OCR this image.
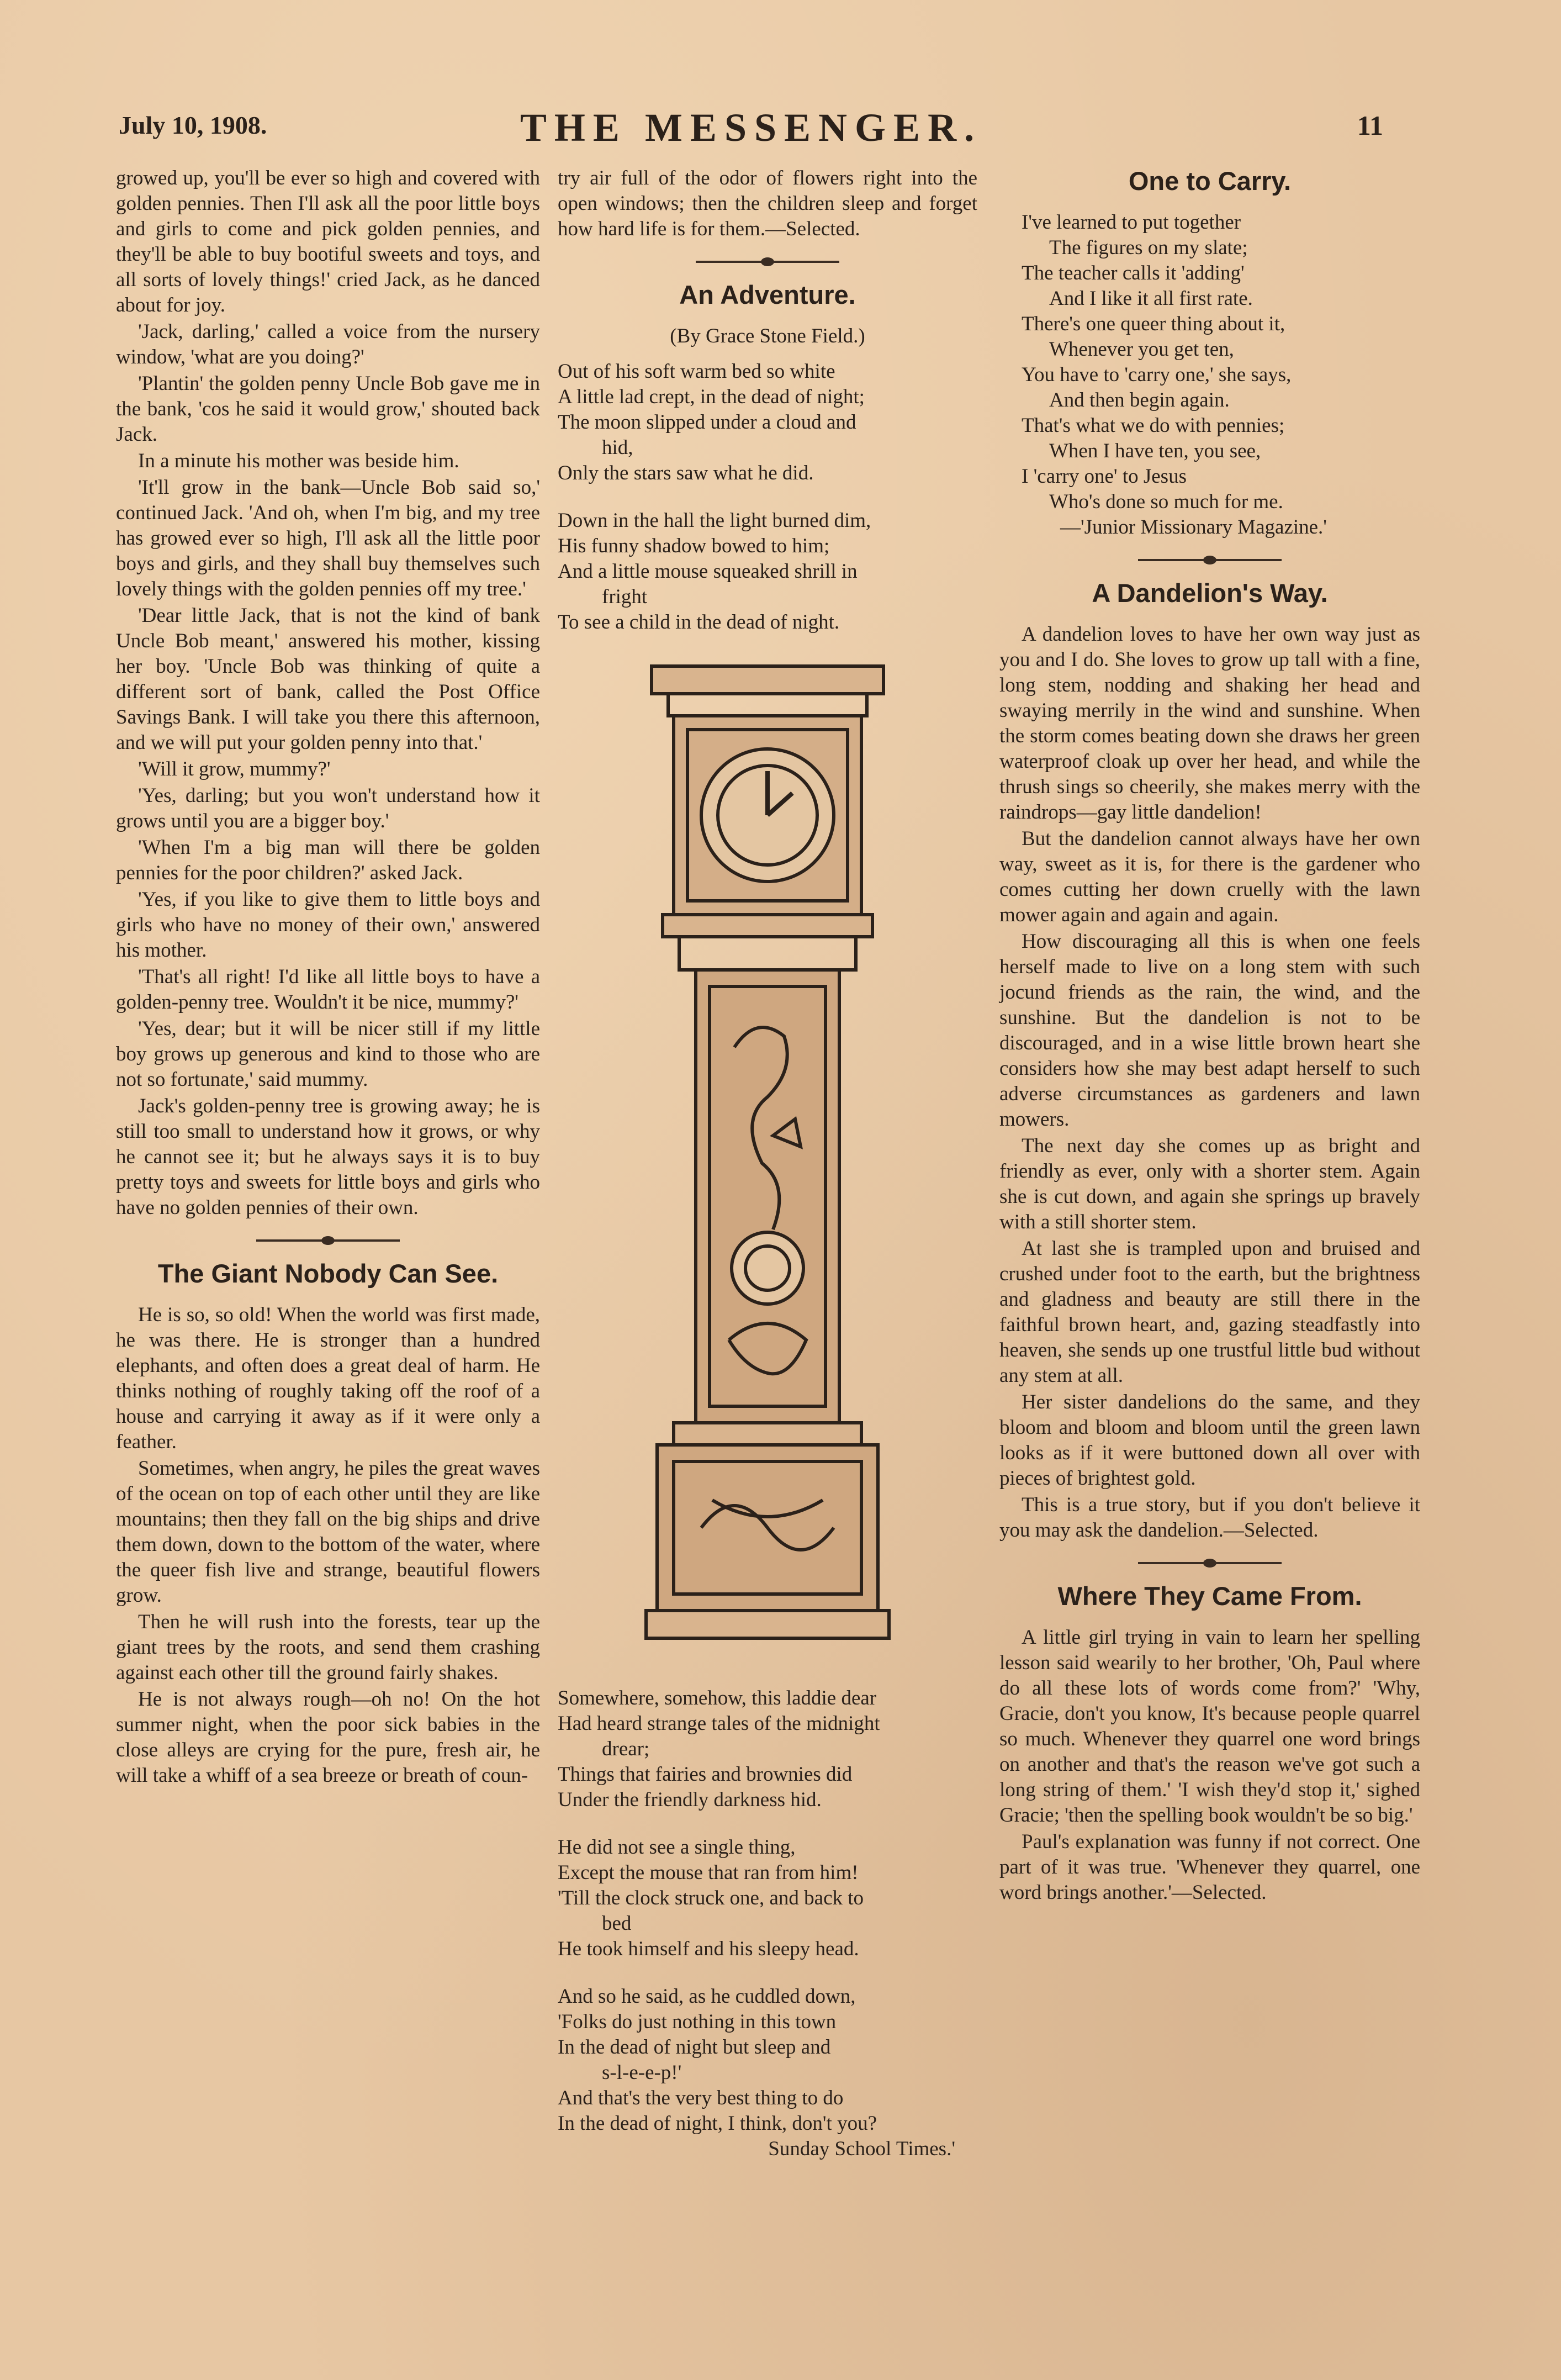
July 10, 1908.	THE MESSENGER.	11

growed up, you'll be ever so high and covered with golden pennies. Then I'll ask all the poor little boys and girls to come and pick golden pennies, and they'll be able to buy bootiful sweets and toys, and all sorts of lovely things!' cried Jack, as he danced about for joy.

'Jack, darling,' called a voice from the nursery window, 'what are you doing?'

'Plantin' the golden penny Uncle Bob gave me in the bank, 'cos he said it would grow,' shouted back Jack.

In a minute his mother was beside him.

'It'll grow in the bank—Uncle Bob said so,' continued Jack. 'And oh, when I'm big, and my tree has growed ever so high, I'll ask all the little poor boys and girls, and they shall buy themselves such lovely things with the golden pennies off my tree.'

'Dear little Jack, that is not the kind of bank Uncle Bob meant,' answered his mother, kissing her boy. 'Uncle Bob was thinking of quite a different sort of bank, called the Post Office Savings Bank. I will take you there this afternoon, and we will put your golden penny into that.'

'Will it grow, mummy?'

'Yes, darling; but you won't understand how it grows until you are a bigger boy.'

'When I'm a big man will there be golden pennies for the poor children?' asked Jack.

'Yes, if you like to give them to little boys and girls who have no money of their own,' answered his mother.

'That's all right! I'd like all little boys to have a golden-penny tree. Wouldn't it be nice, mummy?'

'Yes, dear; but it will be nicer still if my little boy grows up generous and kind to those who are not so fortunate,' said mummy.

Jack's golden-penny tree is growing away; he is still too small to understand how it grows, or why he cannot see it; but he always says it is to buy pretty toys and sweets for little boys and girls who have no golden pennies of their own.

The Giant Nobody Can See.

He is so, so old! When the world was first made, he was there. He is stronger than a hundred elephants, and often does a great deal of harm. He thinks nothing of roughly taking off the roof of a house and carrying it away as if it were only a feather.

Sometimes, when angry, he piles the great waves of the ocean on top of each other until they are like mountains; then they fall on the big ships and drive them down, down to the bottom of the water, where the queer fish live and strange, beautiful flowers grow.

Then he will rush into the forests, tear up the giant trees by the roots, and send them crashing against each other till the ground fairly shakes.

He is not always rough—oh no! On the hot summer night, when the poor sick babies in the close alleys are crying for the pure, fresh air, he will take a whiff of a sea breeze or breath of coun-

try air full of the odor of flowers right into the open windows; then the children sleep and forget how hard life is for them.—Selected.

An Adventure.
(By Grace Stone Field.)
Out of his soft warm bed so white
A little lad crept, in the dead of night;
The moon slipped under a cloud and
hid,
Only the stars saw what he did.
Down in the hall the light burned dim,
His funny shadow bowed to him;
And a little mouse squeaked shrill in
fright
To see a child in the dead of night.
Somewhere, somehow, this laddie dear
Had heard strange tales of the midnight
drear;
Things that fairies and brownies did
Under the friendly darkness hid.
He did not see a single thing,
Except the mouse that ran from him!
'Till the clock struck one, and back to
bed
He took himself and his sleepy head.
And so he said, as he cuddled down,
'Folks do just nothing in this town
In the dead of night but sleep and
s-l-e-e-p!'
And that's the very best thing to do
In the dead of night, I think, don't you?
Sunday School Times.'
One to Carry.
I've learned to put together
The figures on my slate;
The teacher calls it 'adding'
And I like it all first rate.
There's one queer thing about it,
Whenever you get ten,
You have to 'carry one,' she says,
And then begin again.
That's what we do with pennies;
When I have ten, you see,
I 'carry one' to Jesus
Who's done so much for me.
—'Junior Missionary Magazine.'
A Dandelion's Way.

A dandelion loves to have her own way just as you and I do. She loves to grow up tall with a fine, long stem, nodding and shaking her head and swaying merrily in the wind and sunshine. When the storm comes beating down she draws her green waterproof cloak up over her head, and while the thrush sings so cheerily, she makes merry with the raindrops—gay little dandelion!

But the dandelion cannot always have her own way, sweet as it is, for there is the gardener who comes cutting her down cruelly with the lawn mower again and again and again.

How discouraging all this is when one feels herself made to live on a long stem with such jocund friends as the rain, the wind, and the sunshine. But the dandelion is not to be discouraged, and in a wise little brown heart she considers how she may best adapt herself to such adverse circumstances as gardeners and lawn mowers.

The next day she comes up as bright and friendly as ever, only with a shorter stem. Again she is cut down, and again she springs up bravely with a still shorter stem.

At last she is trampled upon and bruised and crushed under foot to the earth, but the brightness and gladness and beauty are still there in the faithful brown heart, and, gazing steadfastly into heaven, she sends up one trustful little bud without any stem at all.

Her sister dandelions do the same, and they bloom and bloom and bloom until the green lawn looks as if it were buttoned down all over with pieces of brightest gold.

This is a true story, but if you don't believe it you may ask the dandelion.—Selected.

Where They Came From.

A little girl trying in vain to learn her spelling lesson said wearily to her brother, 'Oh, Paul where do all these lots of words come from?' 'Why, Gracie, don't you know, It's because people quarrel so much. Whenever they quarrel one word brings on another and that's the reason we've got such a long string of them.' 'I wish they'd stop it,' sighed Gracie; 'then the spelling book wouldn't be so big.'

Paul's explanation was funny if not correct. One part of it was true. 'Whenever they quarrel, one word brings another.'—Selected.
